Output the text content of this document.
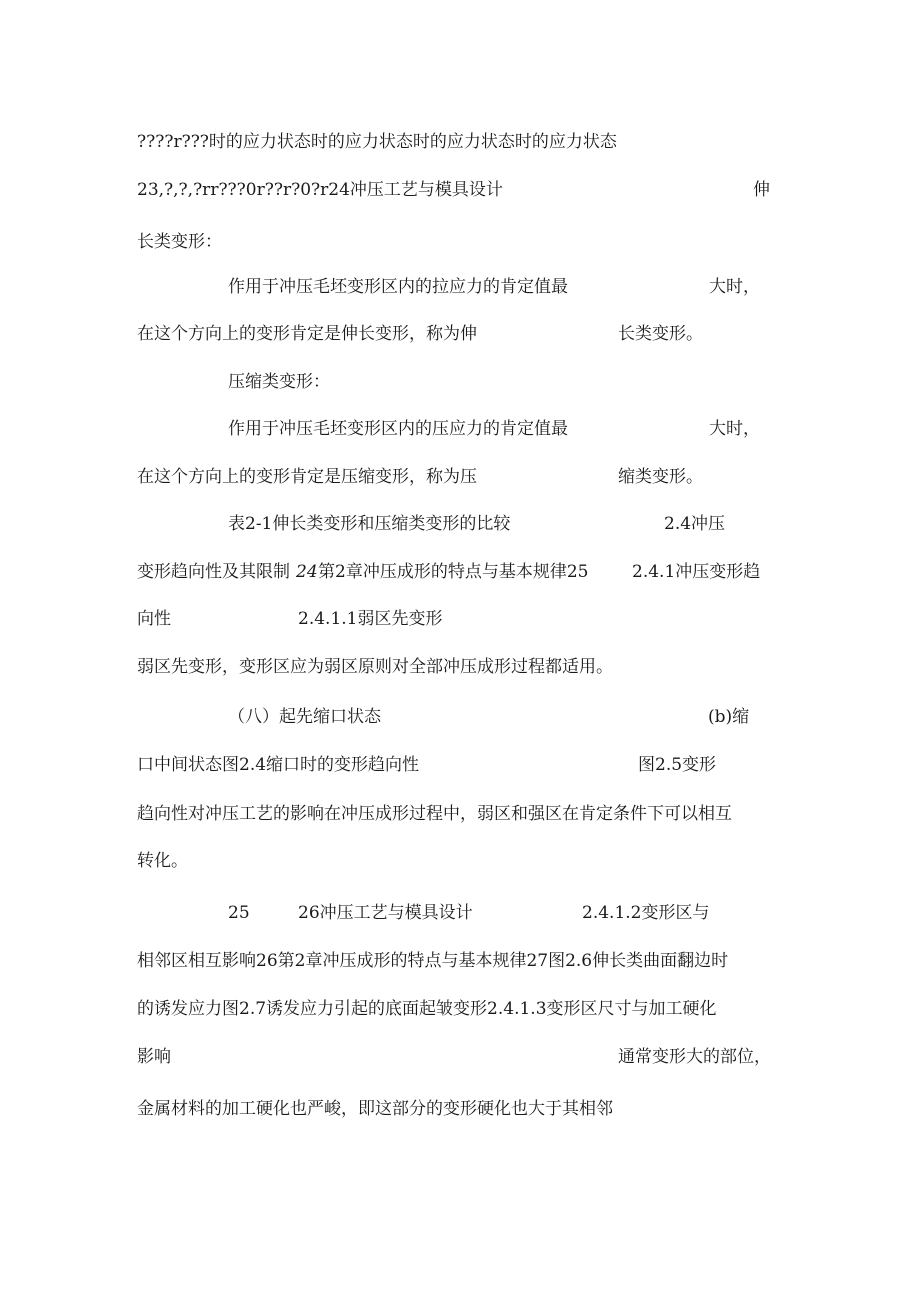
????r???时的应力状态时的应力状态时的应力状态时的应力状态
23,?,?,?rr???0r??r?0?r24冲压工艺与模具设计	伸
长类变形：
作用于冲压毛坯变形区内的拉应力的肯定值最	大时，
在这个方向上的变形肯定是伸长变形，称为伸	长类变形。
压缩类变形：
作用于冲压毛坯变形区内的压应力的肯定值最	大时，
在这个方向上的变形肯定是压缩变形，称为压	缩类变形。
表2-1伸长类变形和压缩类变形的比较	2.4冲压
变形趋向性及其限制 24 第2章冲压成形的特点与基本规律25	2.4.1冲压变形趋
向性	2.4.1.1弱区先变形
弱区先变形，变形区应为弱区原则对全部冲压成形过程都适用。
（八）起先缩口状态	(b)缩
口中间状态图2.4缩口时的变形趋向性	图2.5变形
趋向性对冲压工艺的影响在冲压成形过程中，弱区和强区在肯定条件下可以相互
转化。
25	26冲压工艺与模具设计	2.4.1.2变形区与
相邻区相互影响26第2章冲压成形的特点与基本规律27图2.6伸长类曲面翻边时
的诱发应力图2.7诱发应力引起的底面起皱变形2.4.1.3变形区尺寸与加工硬化
影响	通常变形大的部位，
金属材料的加工硬化也严峻，即这部分的变形硬化也大于其相邻
